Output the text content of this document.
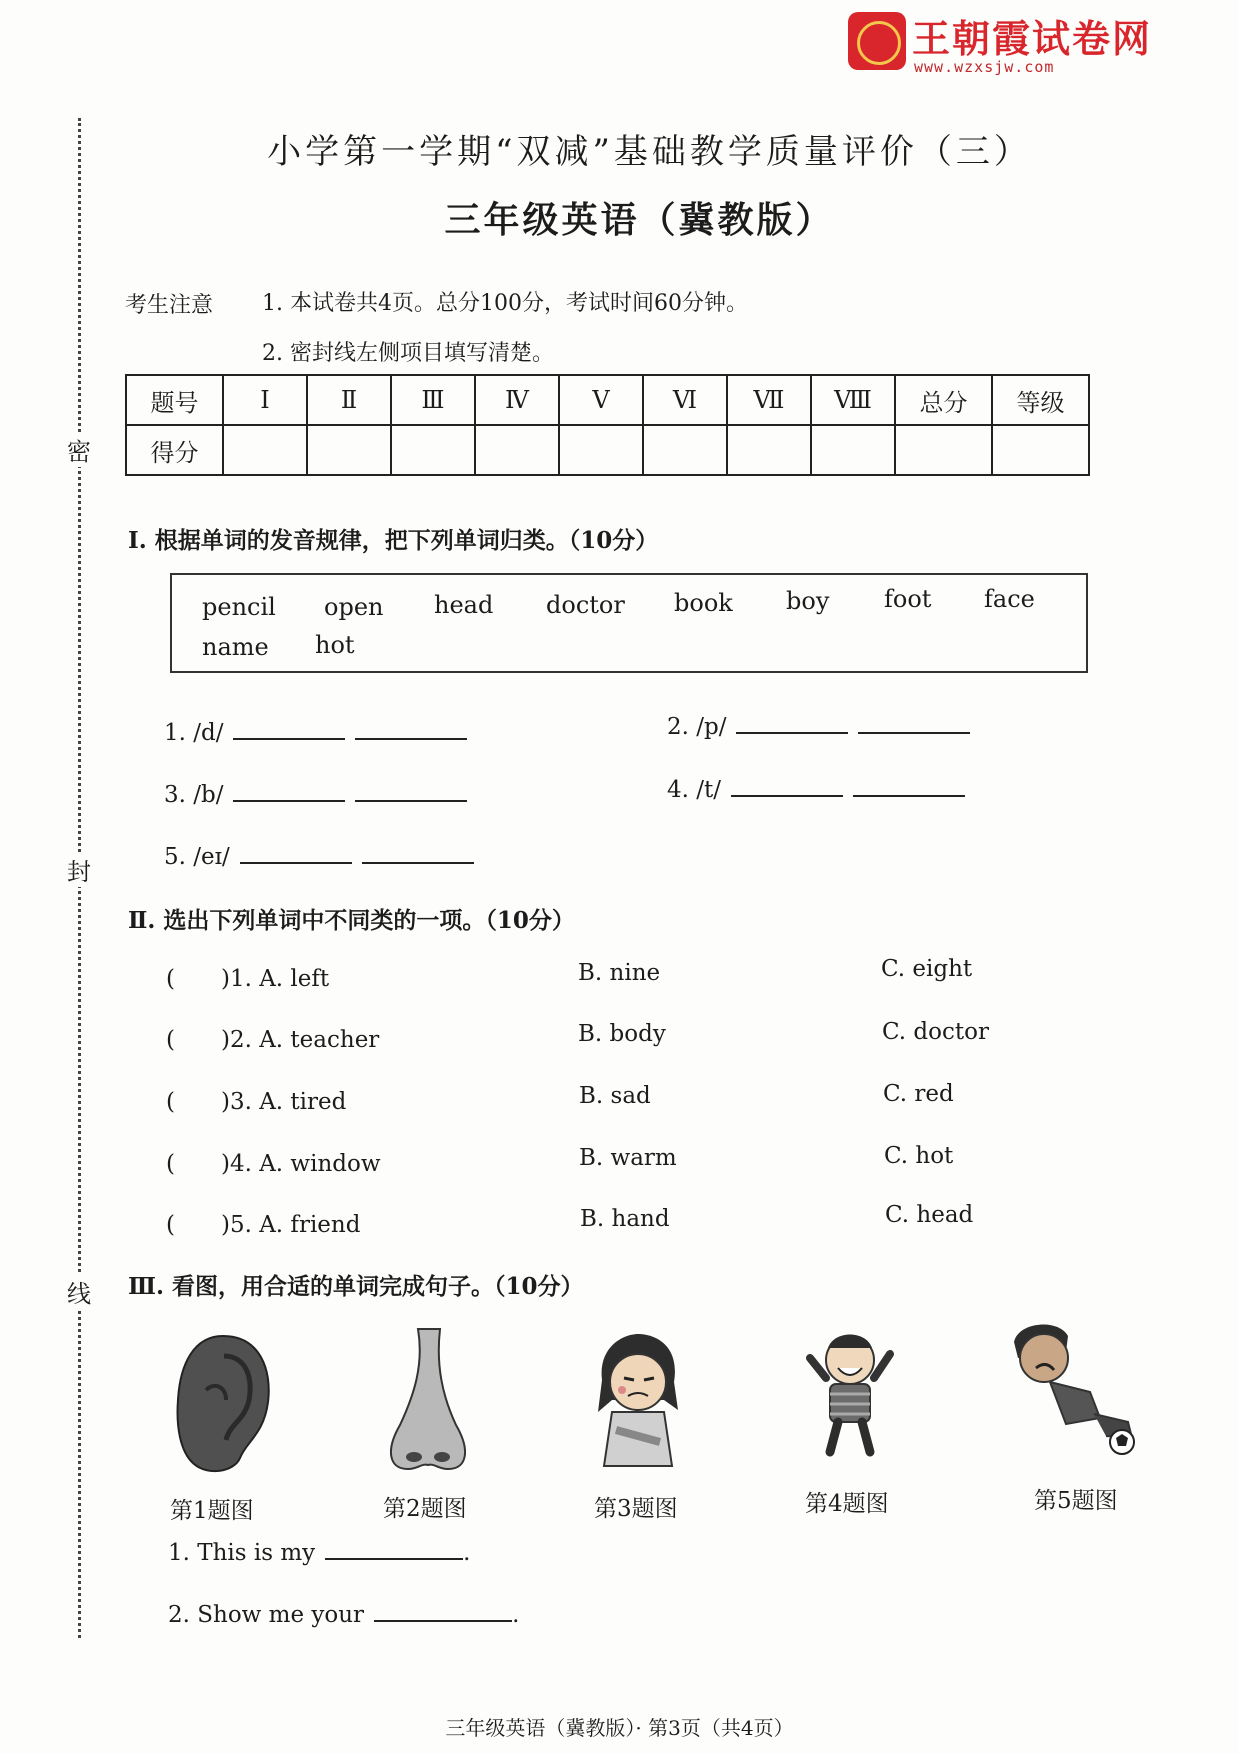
王朝霞试卷网
www.wzxsjw.com
密
封
线
小学第一学期“双减”基础教学质量评价（三）
三年级英语（冀教版）
考生注意 1. 本试卷共4页。总分100分，考试时间60分钟。
2. 密封线左侧项目填写清楚。
题号	Ⅰ	Ⅱ	Ⅲ	Ⅳ	Ⅴ	Ⅵ	Ⅶ	Ⅷ	总分	等级
得分										
Ⅰ. 根据单词的发音规律，把下列单词归类。（10分）
pencil open head doctor book boy foot face
name hot
1. /d/	2. /p/
3. /b/	4. /t/
5. /eɪ/
Ⅱ. 选出下列单词中不同类的一项。（10分）
(　　)1. A. left	B. nine	C. eight
(　　)2. A. teacher	B. body	C. doctor
(　　)3. A. tired	B. sad	C. red
(　　)4. A. window	B. warm	C. hot
(　　)5. A. friend	B. hand	C. head
Ⅲ. 看图，用合适的单词完成句子。（10分）
第1题图	第2题图	第3题图	第4题图	第5题图
1. This is my	.
2. Show me your	.
三年级英语（冀教版）· 第3页（共4页）
